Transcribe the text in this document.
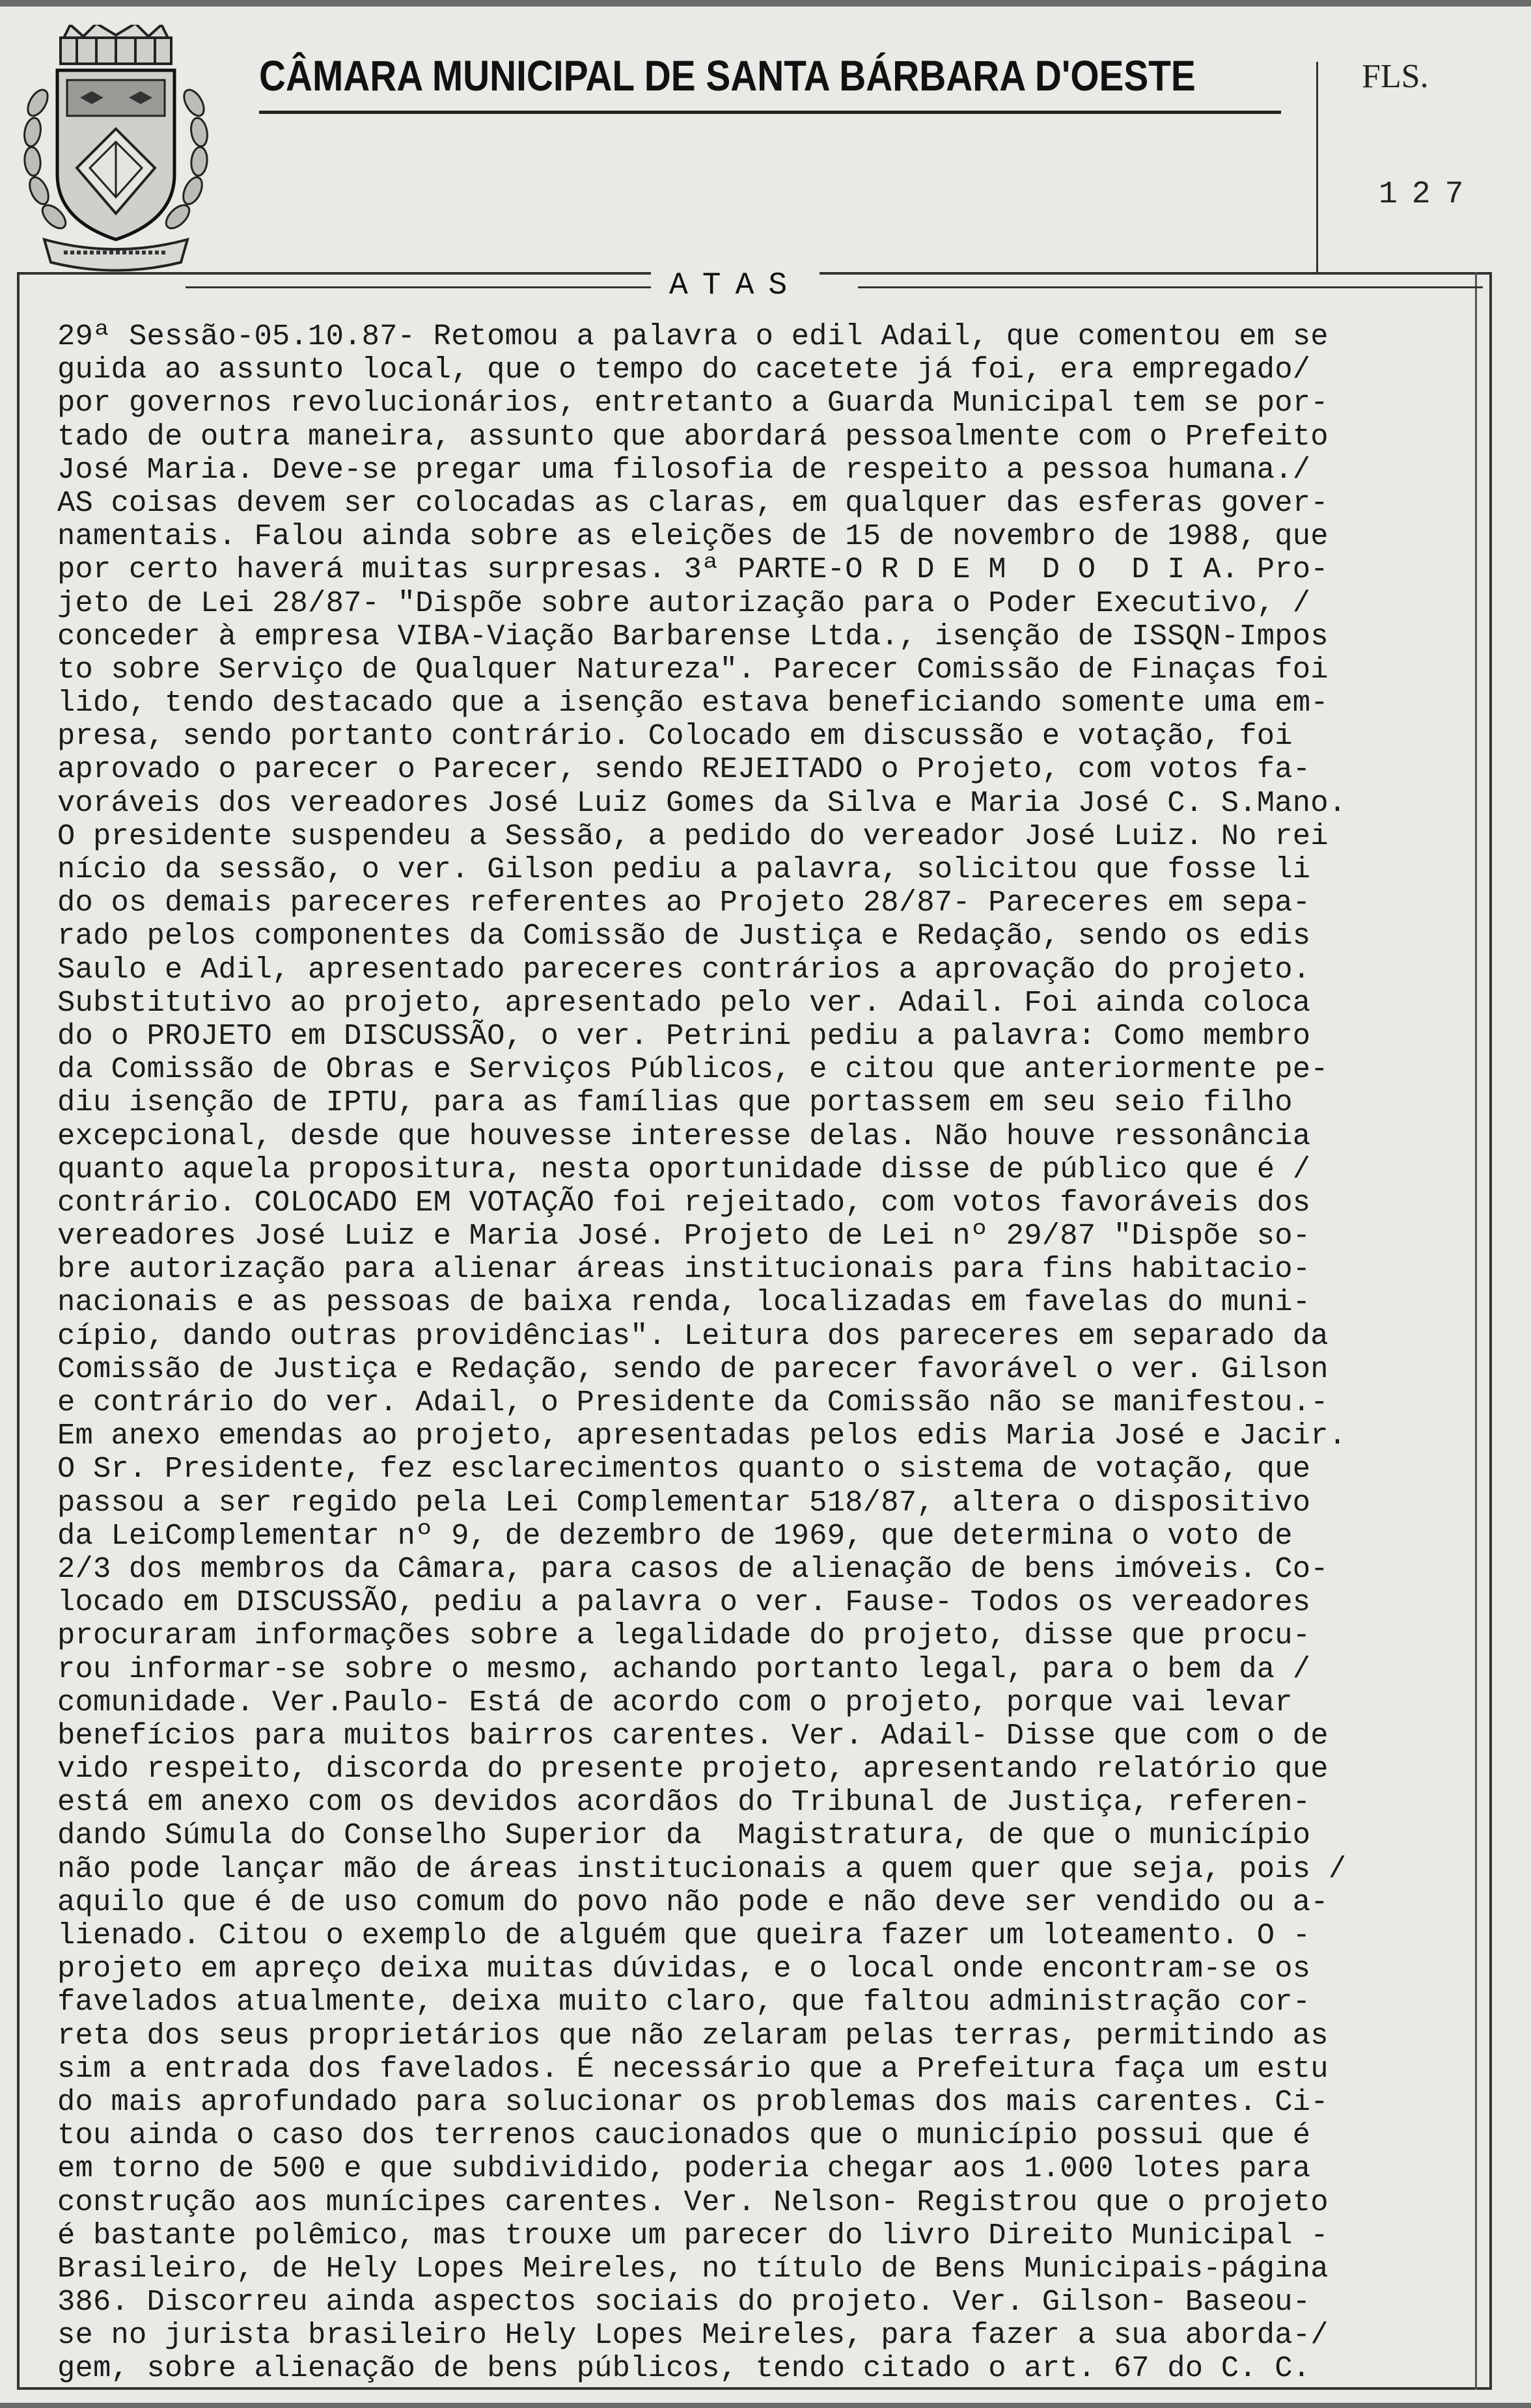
CÂMARA MUNICIPAL DE SANTA BÁRBARA D'OESTE	FLS.
127
ATAS
29ª Sessão-05.10.87- Retomou a palavra o edil Adail, que comentou em se
guida ao assunto local, que o tempo do cacetete já foi, era empregado/
por governos revolucionários, entretanto a Guarda Municipal tem se por-
tado de outra maneira, assunto que abordará pessoalmente com o Prefeito
José Maria. Deve-se pregar uma filosofia de respeito a pessoa humana./
AS coisas devem ser colocadas as claras, em qualquer das esferas gover-
namentais. Falou ainda sobre as eleições de 15 de novembro de 1988, que
por certo haverá muitas surpresas. 3ª PARTE-O R D E M  D O  D I A. Pro-
jeto de Lei 28/87- "Dispõe sobre autorização para o Poder Executivo, /
conceder à empresa VIBA-Viação Barbarense Ltda., isenção de ISSQN-Impos
to sobre Serviço de Qualquer Natureza". Parecer Comissão de Finaças foi
lido, tendo destacado que a isenção estava beneficiando somente uma em-
presa, sendo portanto contrário. Colocado em discussão e votação, foi
aprovado o parecer o Parecer, sendo REJEITADO o Projeto, com votos fa-
voráveis dos vereadores José Luiz Gomes da Silva e Maria José C. S.Mano.
O presidente suspendeu a Sessão, a pedido do vereador José Luiz. No rei
nício da sessão, o ver. Gilson pediu a palavra, solicitou que fosse li
do os demais pareceres referentes ao Projeto 28/87- Pareceres em sepa-
rado pelos componentes da Comissão de Justiça e Redação, sendo os edis
Saulo e Adil, apresentado pareceres contrários a aprovação do projeto.
Substitutivo ao projeto, apresentado pelo ver. Adail. Foi ainda coloca
do o PROJETO em DISCUSSÃO, o ver. Petrini pediu a palavra: Como membro
da Comissão de Obras e Serviços Públicos, e citou que anteriormente pe-
diu isenção de IPTU, para as famílias que portassem em seu seio filho
excepcional, desde que houvesse interesse delas. Não houve ressonância
quanto aquela propositura, nesta oportunidade disse de público que é /
contrário. COLOCADO EM VOTAÇÃO foi rejeitado, com votos favoráveis dos
vereadores José Luiz e Maria José. Projeto de Lei nº 29/87 "Dispõe so-
bre autorização para alienar áreas institucionais para fins habitacio-
nacionais e as pessoas de baixa renda, localizadas em favelas do muni-
cípio, dando outras providências". Leitura dos pareceres em separado da
Comissão de Justiça e Redação, sendo de parecer favorável o ver. Gilson
e contrário do ver. Adail, o Presidente da Comissão não se manifestou.-
Em anexo emendas ao projeto, apresentadas pelos edis Maria José e Jacir.
O Sr. Presidente, fez esclarecimentos quanto o sistema de votação, que
passou a ser regido pela Lei Complementar 518/87, altera o dispositivo
da LeiComplementar nº 9, de dezembro de 1969, que determina o voto de
2/3 dos membros da Câmara, para casos de alienação de bens imóveis. Co-
locado em DISCUSSÃO, pediu a palavra o ver. Fause- Todos os vereadores
procuraram informações sobre a legalidade do projeto, disse que procu-
rou informar-se sobre o mesmo, achando portanto legal, para o bem da /
comunidade. Ver.Paulo- Está de acordo com o projeto, porque vai levar
benefícios para muitos bairros carentes. Ver. Adail- Disse que com o de
vido respeito, discorda do presente projeto, apresentando relatório que
está em anexo com os devidos acordãos do Tribunal de Justiça, referen-
dando Súmula do Conselho Superior da  Magistratura, de que o município
não pode lançar mão de áreas institucionais a quem quer que seja, pois /
aquilo que é de uso comum do povo não pode e não deve ser vendido ou a-
lienado. Citou o exemplo de alguém que queira fazer um loteamento. O -
projeto em apreço deixa muitas dúvidas, e o local onde encontram-se os
favelados atualmente, deixa muito claro, que faltou administração cor-
reta dos seus proprietários que não zelaram pelas terras, permitindo as
sim a entrada dos favelados. É necessário que a Prefeitura faça um estu
do mais aprofundado para solucionar os problemas dos mais carentes. Ci-
tou ainda o caso dos terrenos caucionados que o município possui que é
em torno de 500 e que subdividido, poderia chegar aos 1.000 lotes para
construção aos munícipes carentes. Ver. Nelson- Registrou que o projeto
é bastante polêmico, mas trouxe um parecer do livro Direito Municipal -
Brasileiro, de Hely Lopes Meireles, no título de Bens Municipais-página
386. Discorreu ainda aspectos sociais do projeto. Ver. Gilson- Baseou-
se no jurista brasileiro Hely Lopes Meireles, para fazer a sua aborda-/
gem, sobre alienação de bens públicos, tendo citado o art. 67 do C. C.
